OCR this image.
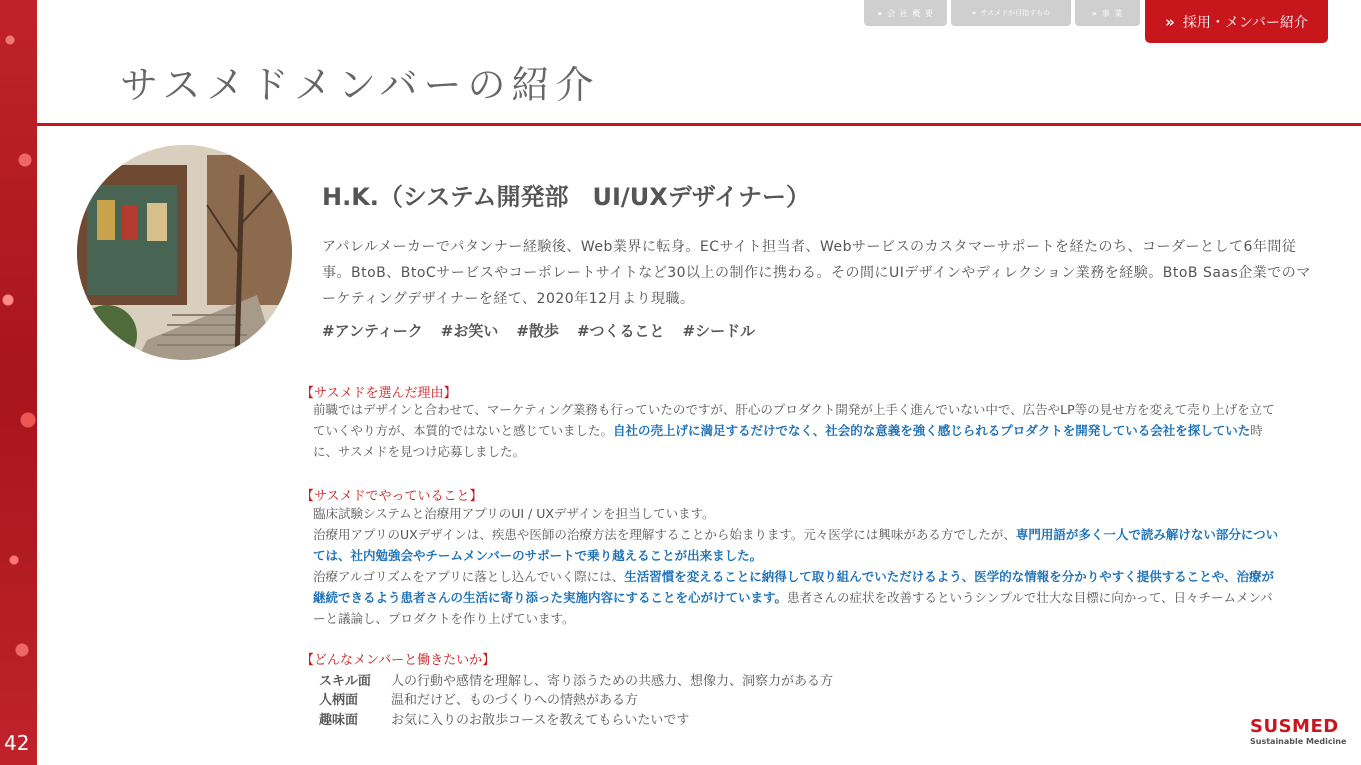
42
» 会 社 概 要	» サスメドが目指すもの	» 事 業	» 採用・メンバー紹介
サスメドメンバーの紹介
H.K.（システム開発部　UI/UXデザイナー）
アパレルメーカーでパタンナー経験後、Web業界に転身。ECサイト担当者、Webサービスのカスタマーサポートを経たのち、コーダーとして6年間従事。BtoB、BtoCサービスやコーポレートサイトなど30以上の制作に携わる。その間にUIデザインやディレクション業務を経験。BtoB Saas企業でのマーケティングデザイナーを経て、2020年12月より現職。
#アンティーク #お笑い #散歩 #つくること #シードル
【サスメドを選んだ理由】
前職ではデザインと合わせて、マーケティング業務も行っていたのですが、肝心のプロダクト開発が上手く進んでいない中で、広告やLP等の見せ方を変えて売り上げを立てていくやり方が、本質的ではないと感じていました。自社の売上げに満足するだけでなく、社会的な意義を強く感じられるプロダクトを開発している会社を探していた時に、サスメドを見つけ応募しました。
【サスメドでやっていること】
臨床試験システムと治療用アプリのUI / UXデザインを担当しています。
治療用アプリのUXデザインは、疾患や医師の治療方法を理解することから始まります。元々医学には興味がある方でしたが、専門用語が多く一人で読み解けない部分については、社内勉強会やチームメンバーのサポートで乗り越えることが出来ました。
治療アルゴリズムをアプリに落とし込んでいく際には、生活習慣を変えることに納得して取り組んでいただけるよう、医学的な情報を分かりやすく提供することや、治療が継続できるよう患者さんの生活に寄り添った実施内容にすることを心がけています。患者さんの症状を改善するというシンプルで壮大な目標に向かって、日々チームメンバーと議論し、プロダクトを作り上げています。
【どんなメンバーと働きたいか】
スキル面	人の行動や感情を理解し、寄り添うための共感力、想像力、洞察力がある方
人柄面	温和だけど、ものづくりへの情熱がある方
趣味面	お気に入りのお散歩コースを教えてもらいたいです	SUSMED
Sustainable Medicine
